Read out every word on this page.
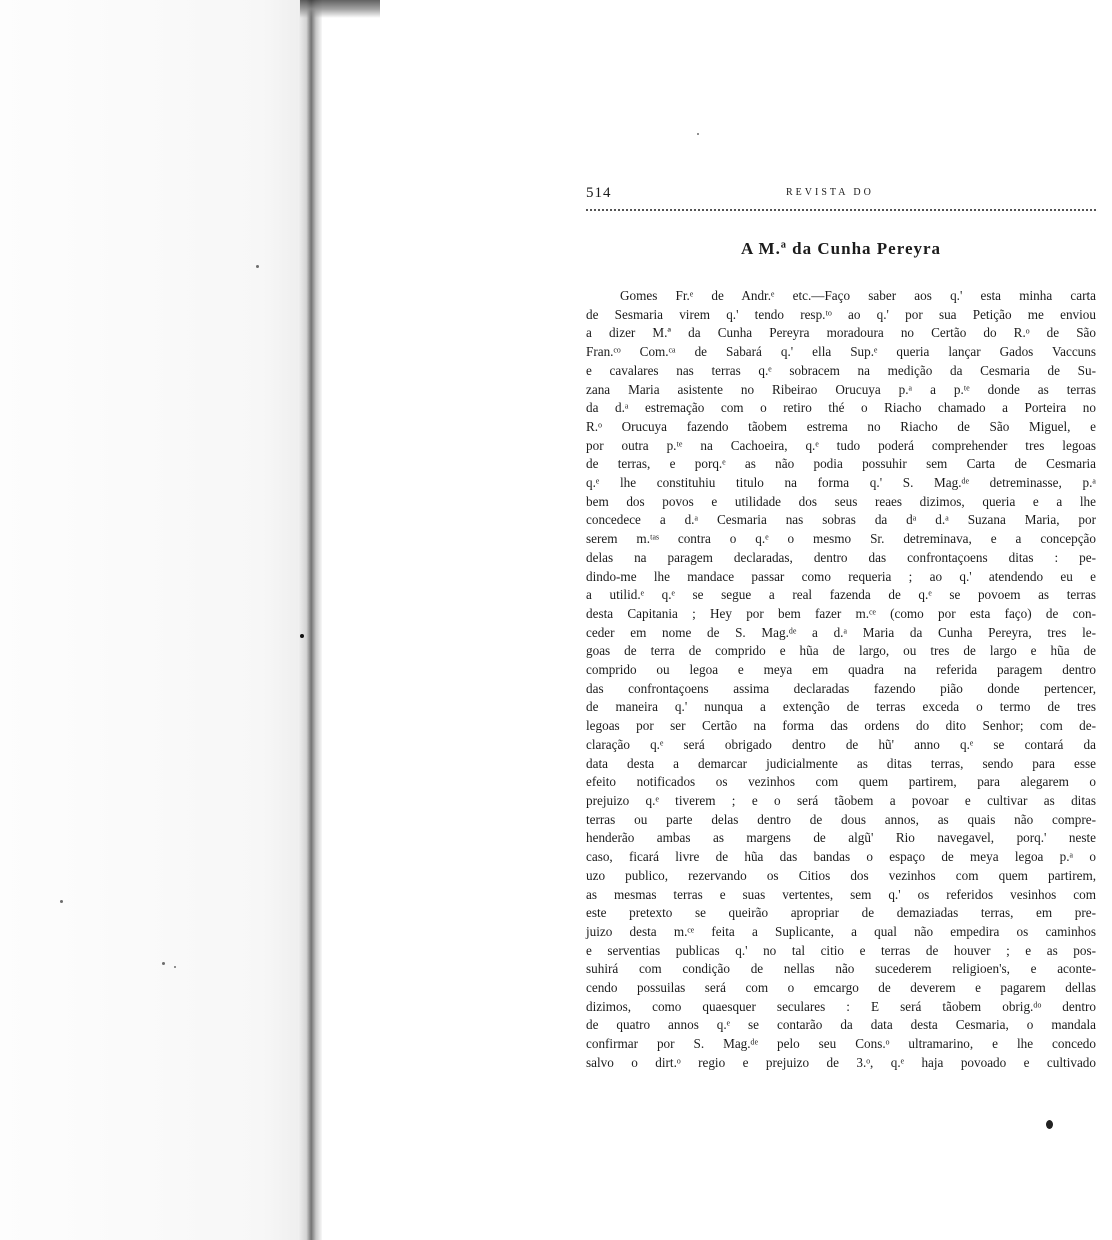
514	REVISTA DO
A M.ª da Cunha Pereyra
Gomes Fr.ᵉ de Andr.ᵉ etc.—Faço saber aos q.' esta minha carta
de Sesmaria virem q.' tendo resp.ᵗᵒ ao q.' por sua Petição me enviou
a dizer M.ª da Cunha Pereyra moradoura no Certão do R.ᵒ de São
Fran.ᶜᵒ Com.ᶜᵃ de Sabará q.' ella Sup.ᵉ queria lançar Gados Vaccuns
e cavalares nas terras q.ᵉ sobracem na medição da Cesmaria de Su-
zana Maria asistente no Ribeirao Orucuya p.ᵃ a p.ᵗᵉ donde as terras
da d.ᵃ estremação com o retiro thé o Riacho chamado a Porteira no
R.ᵒ Orucuya fazendo tãobem estrema no Riacho de São Miguel, e
por outra p.ᵗᵉ na Cachoeira, q.ᵉ tudo poderá comprehender tres legoas
de terras, e porq.ᵉ as não podia possuhir sem Carta de Cesmaria
q.ᵉ lhe constituhiu titulo na forma q.' S. Mag.ᵈᵉ detreminasse, p.ᵃ
bem dos povos e utilidade dos seus reaes dizimos, queria e a lhe
concedece a d.ᵃ Cesmaria nas sobras da dᵃ d.ᵃ Suzana Maria, por
serem m.ᵗᵃˢ contra o q.ᵉ o mesmo Sr. detreminava, e a concepção
delas na paragem declaradas, dentro das confrontaçoens ditas : pe-
dindo-me lhe mandace passar como requeria ; ao q.' atendendo eu e
a utilid.ᵉ q.ᵉ se segue a real fazenda de q.ᵉ se povoem as terras
desta Capitania ; Hey por bem fazer m.ᶜᵉ (como por esta faço) de con-
ceder em nome de S. Mag.ᵈᵉ a d.ᵃ Maria da Cunha Pereyra, tres le-
goas de terra de comprido e hũa de largo, ou tres de largo e hũa de
comprido ou legoa e meya em quadra na referida paragem dentro
das confrontaçoens assima declaradas fazendo pião donde pertencer,
de maneira q.' nunqua a extenção de terras exceda o termo de tres
legoas por ser Certão na forma das ordens do dito Senhor; com de-
claração q.ᵉ será obrigado dentro de hũ' anno q.ᵉ se contará da
data desta a demarcar judicialmente as ditas terras, sendo para esse
efeito notificados os vezinhos com quem partirem, para alegarem o
prejuizo q.ᵉ tiverem ; e o será tãobem a povoar e cultivar as ditas
terras ou parte delas dentro de dous annos, as quais não compre-
henderão ambas as margens de algũ' Rio navegavel, porq.' neste
caso, ficará livre de hũa das bandas o espaço de meya legoa p.ᵃ o
uzo publico, rezervando os Citios dos vezinhos com quem partirem,
as mesmas terras e suas vertentes, sem q.' os referidos vesinhos com
este pretexto se queirão apropriar de demaziadas terras, em pre-
juizo desta m.ᶜᵉ feita a Suplicante, a qual não empedira os caminhos
e serventias publicas q.' no tal citio e terras de houver ; e as pos-
suhirá com condição de nellas não sucederem religioen's, e aconte-
cendo possuilas será com o emcargo de deverem e pagarem dellas
dizimos, como quaesquer seculares : E será tãobem obrig.ᵈᵒ dentro
de quatro annos q.ᵉ se contarão da data desta Cesmaria, o mandala
confirmar por S. Mag.ᵈᵉ pelo seu Cons.ᵒ ultramarino, e lhe concedo
salvo o dirt.ᵒ regio e prejuizo de 3.ᵒ, q.ᵉ haja povoado e cultivado
